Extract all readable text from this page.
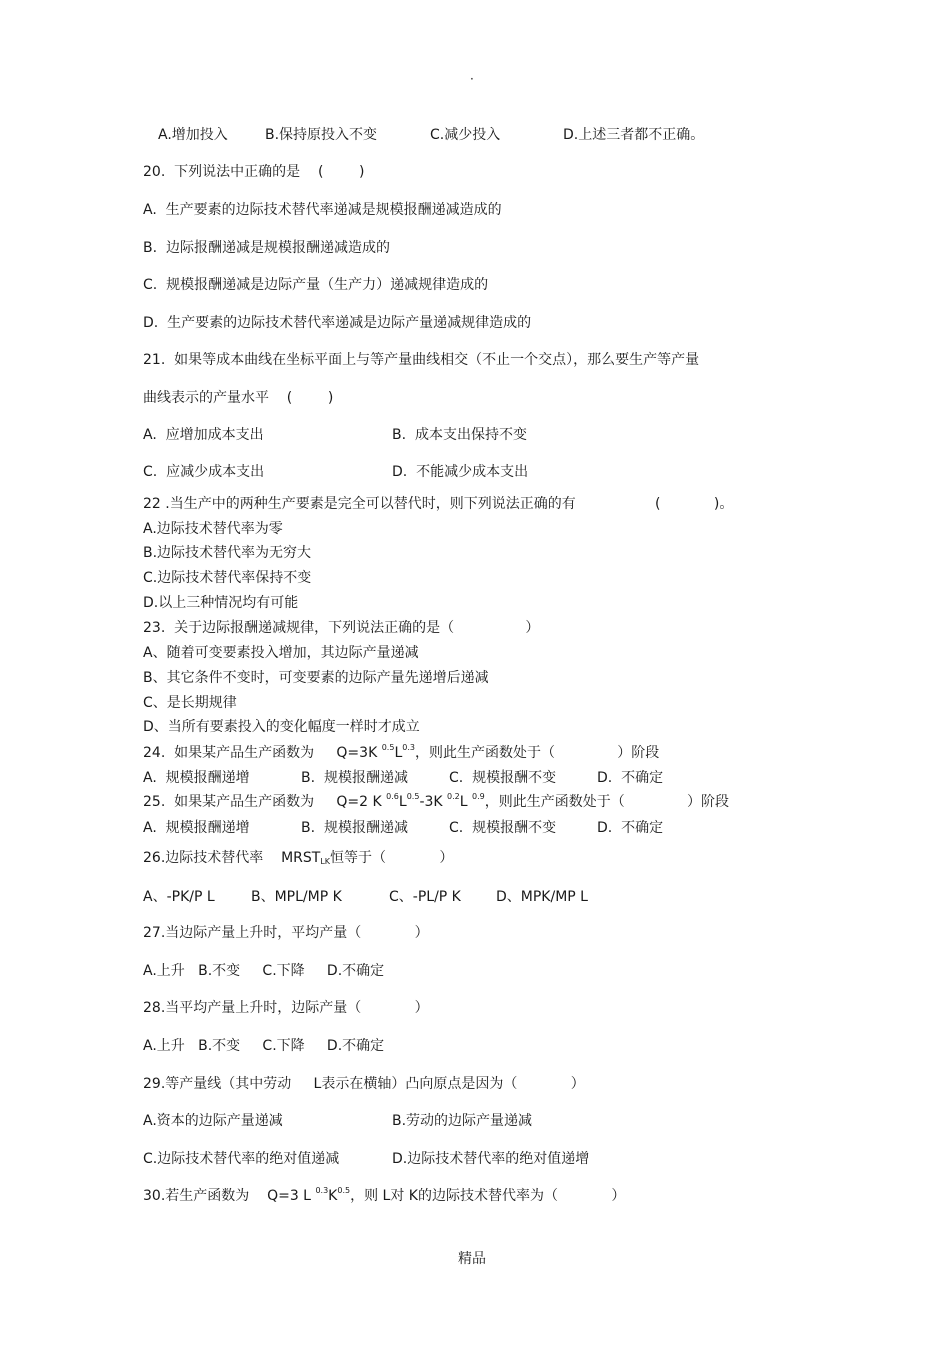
·
A.增加投入	B.保持原投入不变	C.减少投入	D.上述三者都不正确。
20.  下列说法中正确的是    (        )
A.  生产要素的边际技术替代率递减是规模报酬递减造成的
B.  边际报酬递减是规模报酬递减造成的
C.  规模报酬递减是边际产量（生产力）递减规律造成的
D.  生产要素的边际技术替代率递减是边际产量递减规律造成的
21.  如果等成本曲线在坐标平面上与等产量曲线相交（不止一个交点），那么要生产等产量
曲线表示的产量水平    (        )
A.  应增加成本支出	B.  成本支出保持不变
C.  应减少成本支出	D.  不能减少成本支出
22 .当生产中的两种生产要素是完全可以替代时，则下列说法正确的有	(            )。
A.边际技术替代率为零
B.边际技术替代率为无穷大
C.边际技术替代率保持不变
D.以上三种情况均有可能
23.  关于边际报酬递减规律，下列说法正确的是（                ）
A、随着可变要素投入增加，其边际产量递减
B、其它条件不变时，可变要素的边际产量先递增后递减
C、是长期规律
D、当所有要素投入的变化幅度一样时才成立
24.  如果某产品生产函数为     Q=3K $^{0.5}L^{0.3}$，则此生产函数处于（              ）阶段
A.  规模报酬递增	B.  规模报酬递减	C.  规模报酬不变	D.  不确定
25.  如果某产品生产函数为     Q=2 K $^{0.6}L^{0.5}-3K$ $^{0.2}$L $^{0.9}$，则此生产函数处于（              ）阶段
A.  规模报酬递增	B.  规模报酬递减	C.  规模报酬不变	D.  不确定
26.边际技术替代率    $MRST_{LK}$恒等于（            ）
A、-PK/P L	B、MPL/MP K	C、-PL/P K	D、MPK/MP L
27.当边际产量上升时，平均产量（            ）
A.上升   B.不变     C.下降     D.不确定
28.当平均产量上升时，边际产量（            ）
A.上升   B.不变     C.下降     D.不确定
29.等产量线（其中劳动     L表示在横轴）凸向原点是因为（            ）
A.资本的边际产量递减	B.劳动的边际产量递减
C.边际技术替代率的绝对值递减	D.边际技术替代率的绝对值递增
30.若生产函数为    Q=3 L $^{0.3}K^{0.5}$，则 L对 K的边际技术替代率为（            ）
精品
